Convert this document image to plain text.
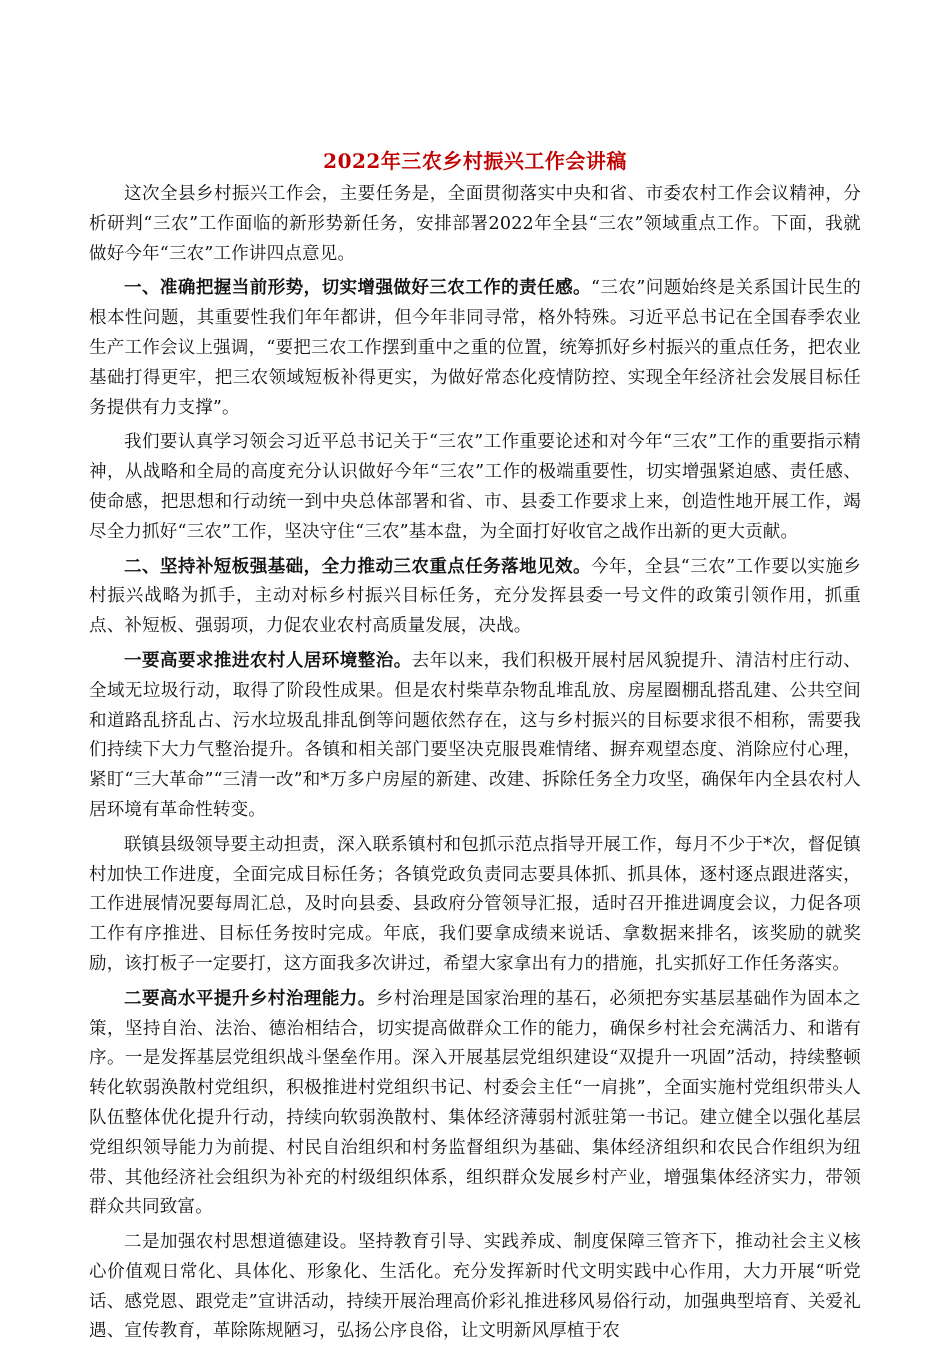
2022年三农乡村振兴工作会讲稿

这次全县乡村振兴工作会，主要任务是，全面贯彻落实中央和省、市委农村工作会议精神，分析研判“三农”工作面临的新形势新任务，安排部署2022年全县“三农”领域重点工作。下面，我就做好今年“三农”工作讲四点意见。

一、准确把握当前形势，切实增强做好三农工作的责任感。“三农”问题始终是关系国计民生的根本性问题，其重要性我们年年都讲，但今年非同寻常，格外特殊。习近平总书记在全国春季农业生产工作会议上强调，“要把三农工作摆到重中之重的位置，统筹抓好乡村振兴的重点任务，把农业基础打得更牢，把三农领域短板补得更实，为做好常态化疫情防控、实现全年经济社会发展目标任务提供有力支撑”。

我们要认真学习领会习近平总书记关于“三农”工作重要论述和对今年“三农”工作的重要指示精神，从战略和全局的高度充分认识做好今年“三农”工作的极端重要性，切实增强紧迫感、责任感、使命感，把思想和行动统一到中央总体部署和省、市、县委工作要求上来，创造性地开展工作，竭尽全力抓好“三农”工作，坚决守住“三农”基本盘，为全面打好收官之战作出新的更大贡献。

二、坚持补短板强基础，全力推动三农重点任务落地见效。今年，全县“三农”工作要以实施乡村振兴战略为抓手，主动对标乡村振兴目标任务，充分发挥县委一号文件的政策引领作用，抓重点、补短板、强弱项，力促农业农村高质量发展，决战。

一要高要求推进农村人居环境整治。去年以来，我们积极开展村居风貌提升、清洁村庄行动、全域无垃圾行动，取得了阶段性成果。但是农村柴草杂物乱堆乱放、房屋圈棚乱搭乱建、公共空间和道路乱挤乱占、污水垃圾乱排乱倒等问题依然存在，这与乡村振兴的目标要求很不相称，需要我们持续下大力气整治提升。各镇和相关部门要坚决克服畏难情绪、摒弃观望态度、消除应付心理，紧盯“三大革命”“三清一改”和*万多户房屋的新建、改建、拆除任务全力攻坚，确保年内全县农村人居环境有革命性转变。

联镇县级领导要主动担责，深入联系镇村和包抓示范点指导开展工作，每月不少于*次，督促镇村加快工作进度，全面完成目标任务；各镇党政负责同志要具体抓、抓具体，逐村逐点跟进落实，工作进展情况要每周汇总，及时向县委、县政府分管领导汇报，适时召开推进调度会议，力促各项工作有序推进、目标任务按时完成。年底，我们要拿成绩来说话、拿数据来排名，该奖励的就奖励，该打板子一定要打，这方面我多次讲过，希望大家拿出有力的措施，扎实抓好工作任务落实。

二要高水平提升乡村治理能力。乡村治理是国家治理的基石，必须把夯实基层基础作为固本之策，坚持自治、法治、德治相结合，切实提高做群众工作的能力，确保乡村社会充满活力、和谐有序。一是发挥基层党组织战斗堡垒作用。深入开展基层党组织建设“双提升一巩固”活动，持续整顿转化软弱涣散村党组织，积极推进村党组织书记、村委会主任“一肩挑”，全面实施村党组织带头人队伍整体优化提升行动，持续向软弱涣散村、集体经济薄弱村派驻第一书记。建立健全以强化基层党组织领导能力为前提、村民自治组织和村务监督组织为基础、集体经济组织和农民合作组织为纽带、其他经济社会组织为补充的村级组织体系，组织群众发展乡村产业，增强集体经济实力，带领群众共同致富。

二是加强农村思想道德建设。坚持教育引导、实践养成、制度保障三管齐下，推动社会主义核心价值观日常化、具体化、形象化、生活化。充分发挥新时代文明实践中心作用，大力开展“听党话、感党恩、跟党走”宣讲活动，持续开展治理高价彩礼推进移风易俗行动，加强典型培育、关爱礼遇、宣传教育，革除陈规陋习，弘扬公序良俗，让文明新风厚植于农
